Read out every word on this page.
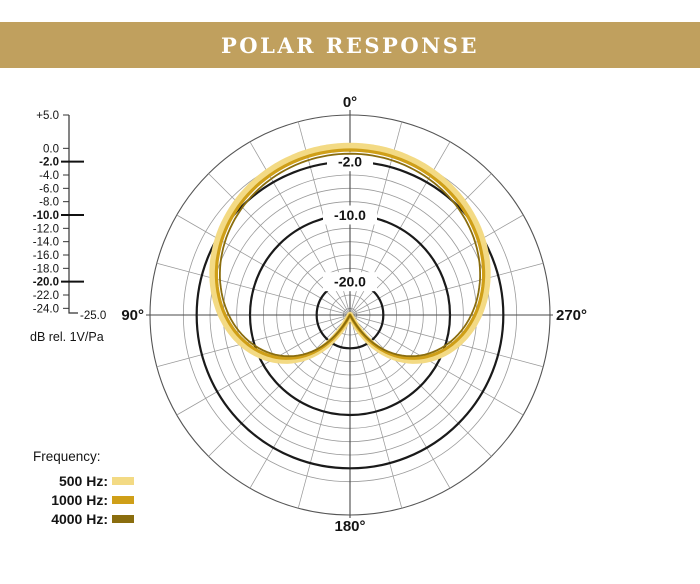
POLAR RESPONSE
+5.0
0.0
-2.0
-4.0
-6.0
-8.0
-10.0
-12.0
-14.0
-16.0
-18.0
-20.0
-22.0
-24.0
-2.0
-10.0
-20.0
0°
90°	270°
180°
-25.0
dB rel. 1V/Pa
Frequency:
500 Hz:
1000 Hz:
4000 Hz:
